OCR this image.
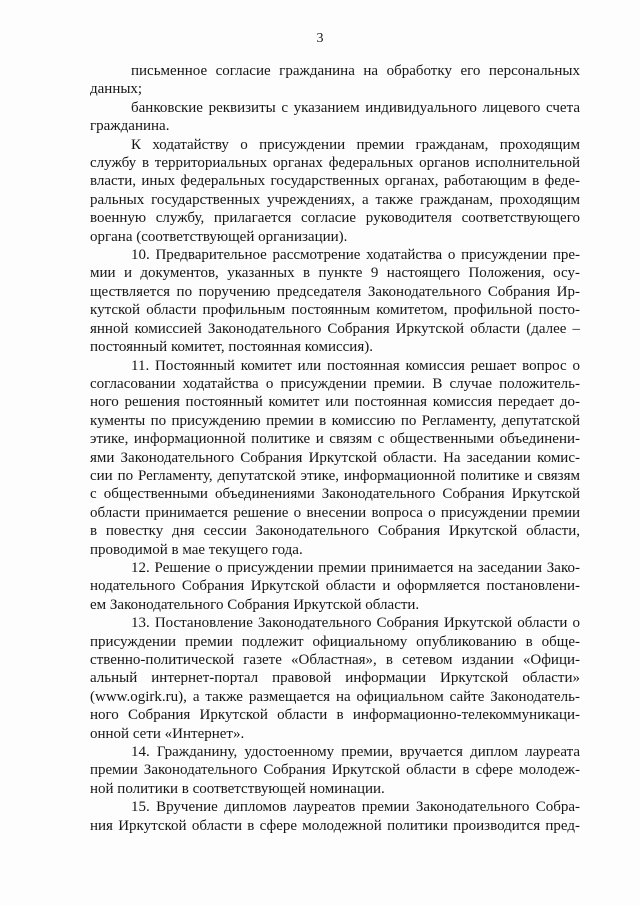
3
письменное согласие гражданина на обработку его персональных
данных;
банковские реквизиты с указанием индивидуального лицевого счета
гражданина.
К ходатайству о присуждении премии гражданам, проходящим
службу в территориальных органах федеральных органов исполнительной
власти, иных федеральных государственных органах, работающим в феде-
ральных государственных учреждениях, а также гражданам, проходящим
военную службу, прилагается согласие руководителя соответствующего
органа (соответствующей организации).
10. Предварительное рассмотрение ходатайства о присуждении пре-
мии и документов, указанных в пункте 9 настоящего Положения, осу-
ществляется по поручению председателя Законодательного Собрания Ир-
кутской области профильным постоянным комитетом, профильной посто-
янной комиссией Законодательного Собрания Иркутской области (далее –
постоянный комитет, постоянная комиссия).
11. Постоянный комитет или постоянная комиссия решает вопрос о
согласовании ходатайства о присуждении премии. В случае положитель-
ного решения постоянный комитет или постоянная комиссия передает до-
кументы по присуждению премии в комиссию по Регламенту, депутатской
этике, информационной политике и связям с общественными объединени-
ями Законодательного Собрания Иркутской области. На заседании комис-
сии по Регламенту, депутатской этике, информационной политике и связям
с общественными объединениями Законодательного Собрания Иркутской
области принимается решение о внесении вопроса о присуждении премии
в повестку дня сессии Законодательного Собрания Иркутской области,
проводимой в мае текущего года.
12. Решение о присуждении премии принимается на заседании Зако-
нодательного Собрания Иркутской области и оформляется постановлени-
ем Законодательного Собрания Иркутской области.
13. Постановление Законодательного Собрания Иркутской области о
присуждении премии подлежит официальному опубликованию в обще-
ственно-политической газете «Областная», в сетевом издании «Офици-
альный интернет-портал правовой информации Иркутской области»
(www.ogirk.ru), а также размещается на официальном сайте Законодатель-
ного Собрания Иркутской области в информационно-телекоммуникаци-
онной сети «Интернет».
14. Гражданину, удостоенному премии, вручается диплом лауреата
премии Законодательного Собрания Иркутской области в сфере молодеж-
ной политики в соответствующей номинации.
15. Вручение дипломов лауреатов премии Законодательного Собра-
ния Иркутской области в сфере молодежной политики производится пред-
